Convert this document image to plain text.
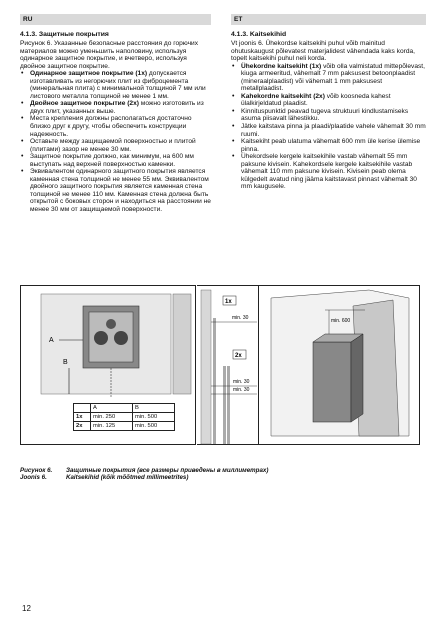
RU	ET
4.1.3. Защитные покрытия

Рисунок 6. Указанные безопасные расстояния до горючих материалов можно уменьшить наполовину, используя одинарное защитное покрытие, и вчетверо, используя двойное защитное покрытие.

• Одинарное защитное покрытие (1х) допускается изготавливать из негорючих плит из фиброцемента (минеральная плита) с минимальной толщиной 7 мм или листового металла толщиной не менее 1 мм.
• Двойное защитное покрытие (2х) можно изготовить из двух плит, указанных выше.
• Места крепления должны располагаться достаточно близко друг к другу, чтобы обеспечить конструкции надежность.
• Оставьте между защищаемой поверхностью и плитой (плитами) зазор не менее 30 мм.
• Защитное покрытие должно, как минимум, на 600 мм выступать над верхней поверхностью каменки.
• Эквивалентом одинарного защитного покрытия является каменная стена толщиной не менее 55 мм. Эквивалентом двойного защитного покрытия является каменная стена толщиной не менее 110 мм. Каменная стена должна быть открытой с боковых сторон и находиться на расстоянии не менее 30 мм от защищаемой поверхности.
4.1.3. Kaitsekihid

Vt joonis 6. Ühekordse kaitsekihi puhul võib mainitud ohutuskaugust põlevatest materjalidest vähendada kaks korda, topelt kaitsekihi puhul neli korda.

• Ühekordne kaitsekiht (1x) võib olla valmistatud mittepõlevast, kiuga armeeritud, vähemalt 7 mm paksusest betoonplaadist (mineraalplaadist) või vähemalt 1 mm paksusest metallplaadist.
• Kahekordne kaitsekiht (2x) võib koosneda kahest ülalkirjeldatud plaadist.
• Kinnituspunktid peavad tugeva struktuuri kindlustamiseks asuma piisavalt lähestikku.
• Jätke kaitstava pinna ja plaadi/plaatide vahele vähemalt 30 mm ruumi.
• Kaitsekiht peab ulatuma vähemalt 600 mm üle kerise ülemise pinna.
• Ühekordsele kergele kaitsekihile vastab vähemalt 55 mm paksune kivisein. Kahekordsele kergele kaitsekihile vastab vähemalt 110 mm paksune kivisein. Kivisein peab olema külgedelt avatud ning jääma kaitstavast pinnast vähemalt 30 mm kaugusele.
A
B
	A	B
1x	min. 250	min. 500
2x	min. 125	min. 500
1x
2x
min. 30
min. 30
min. 30
min. 600
Рисунок 6. Защитные покрытия (все размеры приведены в миллиметрах)
Joonis 6.	Kaitsekihid (kõik mõõtmed millimeetrites)
12
